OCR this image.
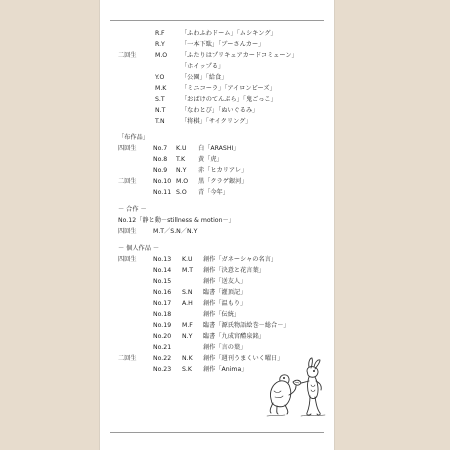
R.F	「ふわふわドーム」「ムシキング」
R.Y	「一本下駄」「ブーさんカー」
二回生	M.O 「ふたりはプリキュアカードコミューン」
「ホイップる」
Y.O	「公園」「給食」
M.K 「ミニコーラ」「アイロンビーズ」
S.T	「おばけのてんぷら」「鬼ごっこ」
N.T	「なわとび」「ぬいぐるみ」
T.N	「将棋」「サイクリング」
「布作品」
四回生	No.7 K.U 白「ARASHI」
No.8 T.K 黄「虎」
No.9 N.Y 赤「ヒカリアレ」
二回生	No.10 M.O 黒「クラゲ銀河」
No.11 S.O 青「今年」
－ 合作 －
No.12「静と動－stillness & motion－」
四回生	M.T／S.N／N.Y
－ 個人作品 －
四回生	No.13 K.U 創作「ガネーシャの名言」
No.14 M.T 創作「決意と花言葉」
No.15	創作「送友人」
No.16 S.N 臨書「灌頂記」
No.17 A.H 創作「温もり」
No.18	創作「伝統」
No.19 M.F 臨書「源氏物語絵巻－総合－」
No.20 N.Y 臨書「九成宮醴泉銘」
No.21	創作「言の葉」
二回生	No.22 N.K 創作「週刊うまくいく曜日」
No.23 S.K 創作「Anima」
